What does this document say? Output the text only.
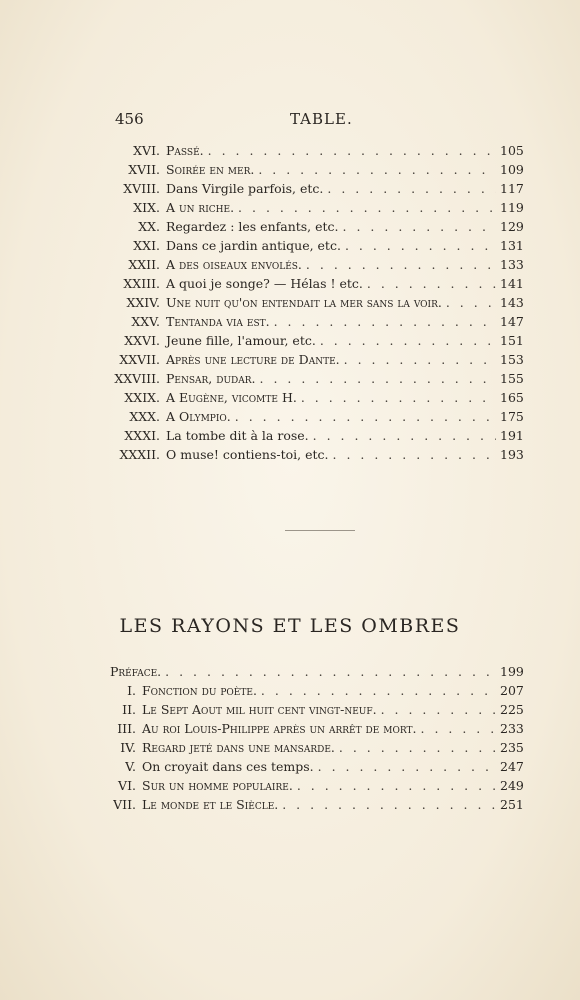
456	TABLE.
XVI. Passé. . . .	105
XVII. Soirée en mer. . . .	109
XVIII. Dans Virgile parfois, etc. . . .	117
XIX. A un riche. . . .	119
XX. Regardez : les enfants, etc. . . .	129
XXI. Dans ce jardin antique, etc. . . .	131
XXII. A des oiseaux envolés. . . .	133
XXIII. A quoi je songe? — Hélas ! etc. . . .	141
XXIV. Une nuit qu'on entendait la mer sans la voir. . . .	143
XXV. Tentanda via est. . . .	147
XXVI. Jeune fille, l'amour, etc. . . .	151
XXVII. Après une lecture de Dante. . . .	153
XXVIII. Pensar, dudar. . . .	155
XXIX. A Eugène, vicomte H. . . .	165
XXX. A Olympio. . . .	175
XXXI. La tombe dit à la rose. . . .	191
XXXII. O muse! contiens-toi, etc. . . .	193
LES RAYONS ET LES OMBRES
Préface. . . .	199
I. Fonction du poète. . . .	207
II. Le Sept Aout mil huit cent vingt-neuf. . . .	225
III. Au roi Louis-Philippe après un arrêt de mort. . . .	233
IV. Regard jeté dans une mansarde. . . .	235
V. On croyait dans ces temps. . . .	247
VI. Sur un homme populaire. . . .	249
VII. Le monde et le Siècle. . . .	251
